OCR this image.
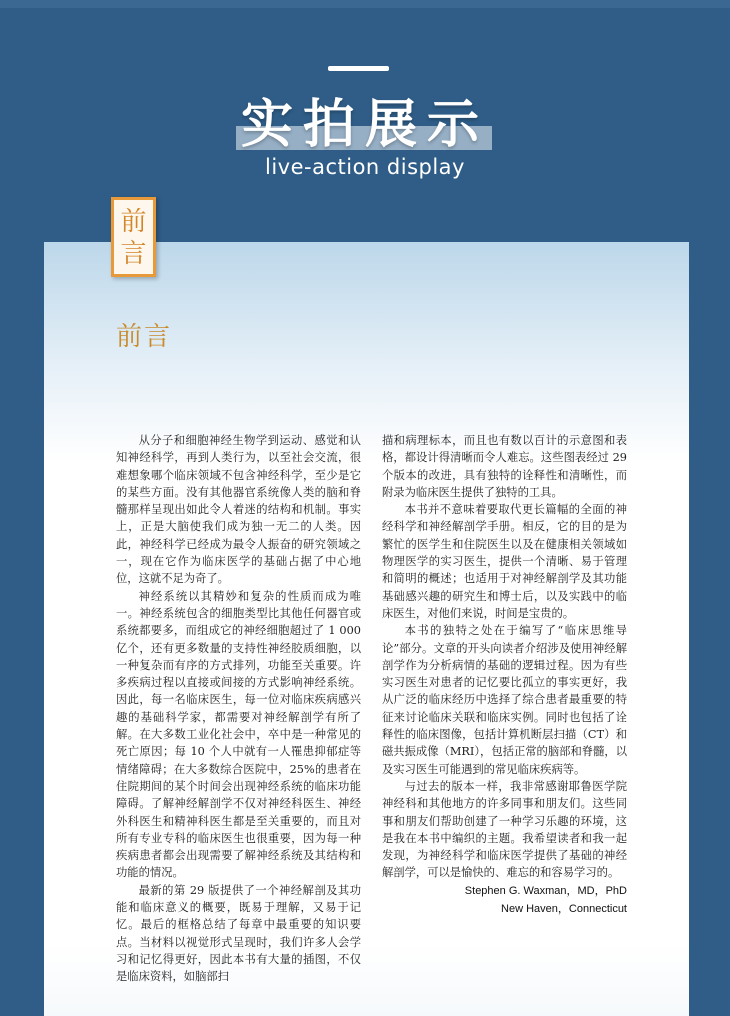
实拍展示
live-action display
前
言
前言

从分子和细胞神经生物学到运动、感觉和认知神经科学，再到人类行为，以至社会交流，很难想象哪个临床领域不包含神经科学，至少是它的某些方面。没有其他器官系统像人类的脑和脊髓那样呈现出如此令人着迷的结构和机制。事实上，正是大脑使我们成为独一无二的人类。因此，神经科学已经成为最令人振奋的研究领域之一，现在它作为临床医学的基础占据了中心地位，这就不足为奇了。

神经系统以其精妙和复杂的性质而成为唯一。神经系统包含的细胞类型比其他任何器官或系统都要多，而组成它的神经细胞超过了 1 000 亿个，还有更多数量的支持性神经胶质细胞，以一种复杂而有序的方式排列，功能至关重要。许多疾病过程以直接或间接的方式影响神经系统。因此，每一名临床医生，每一位对临床疾病感兴趣的基础科学家，都需要对神经解剖学有所了解。在大多数工业化社会中，卒中是一种常见的死亡原因；每 10 个人中就有一人罹患抑郁症等情绪障碍；在大多数综合医院中，25%的患者在住院期间的某个时间会出现神经系统的临床功能障碍。了解神经解剖学不仅对神经科医生、神经外科医生和精神科医生都是至关重要的，而且对所有专业专科的临床医生也很重要，因为每一种疾病患者都会出现需要了解神经系统及其结构和功能的情况。

最新的第 29 版提供了一个神经解剖及其功能和临床意义的概要，既易于理解，又易于记忆。最后的框格总结了每章中最重要的知识要点。当材料以视觉形式呈现时，我们许多人会学习和记忆得更好，因此本书有大量的插图，不仅是临床资料，如脑部扫

描和病理标本，而且也有数以百计的示意图和表格，都设计得清晰而令人难忘。这些图表经过 29 个版本的改进，具有独特的诠释性和清晰性，而附录为临床医生提供了独特的工具。

本书并不意味着要取代更长篇幅的全面的神经科学和神经解剖学手册。相反，它的目的是为繁忙的医学生和住院医生以及在健康相关领域如物理医学的实习医生，提供一个清晰、易于管理和简明的概述；也适用于对神经解剖学及其功能基础感兴趣的研究生和博士后，以及实践中的临床医生，对他们来说，时间是宝贵的。

本书的独特之处在于编写了“临床思维导论”部分。文章的开头向读者介绍涉及使用神经解剖学作为分析病情的基础的逻辑过程。因为有些实习医生对患者的记忆要比孤立的事实更好，我从广泛的临床经历中选择了综合患者最重要的特征来讨论临床关联和临床实例。同时也包括了诠释性的临床图像，包括计算机断层扫描（CT）和磁共振成像（MRI），包括正常的脑部和脊髓，以及实习医生可能遇到的常见临床疾病等。

与过去的版本一样，我非常感谢耶鲁医学院神经科和其他地方的许多同事和朋友们。这些同事和朋友们帮助创建了一种学习乐趣的环境，这是我在本书中编织的主题。我希望读者和我一起发现，为神经科学和临床医学提供了基础的神经解剖学，可以是愉快的、难忘的和容易学习的。

Stephen G. Waxman，MD，PhD
New Haven，Connecticut
